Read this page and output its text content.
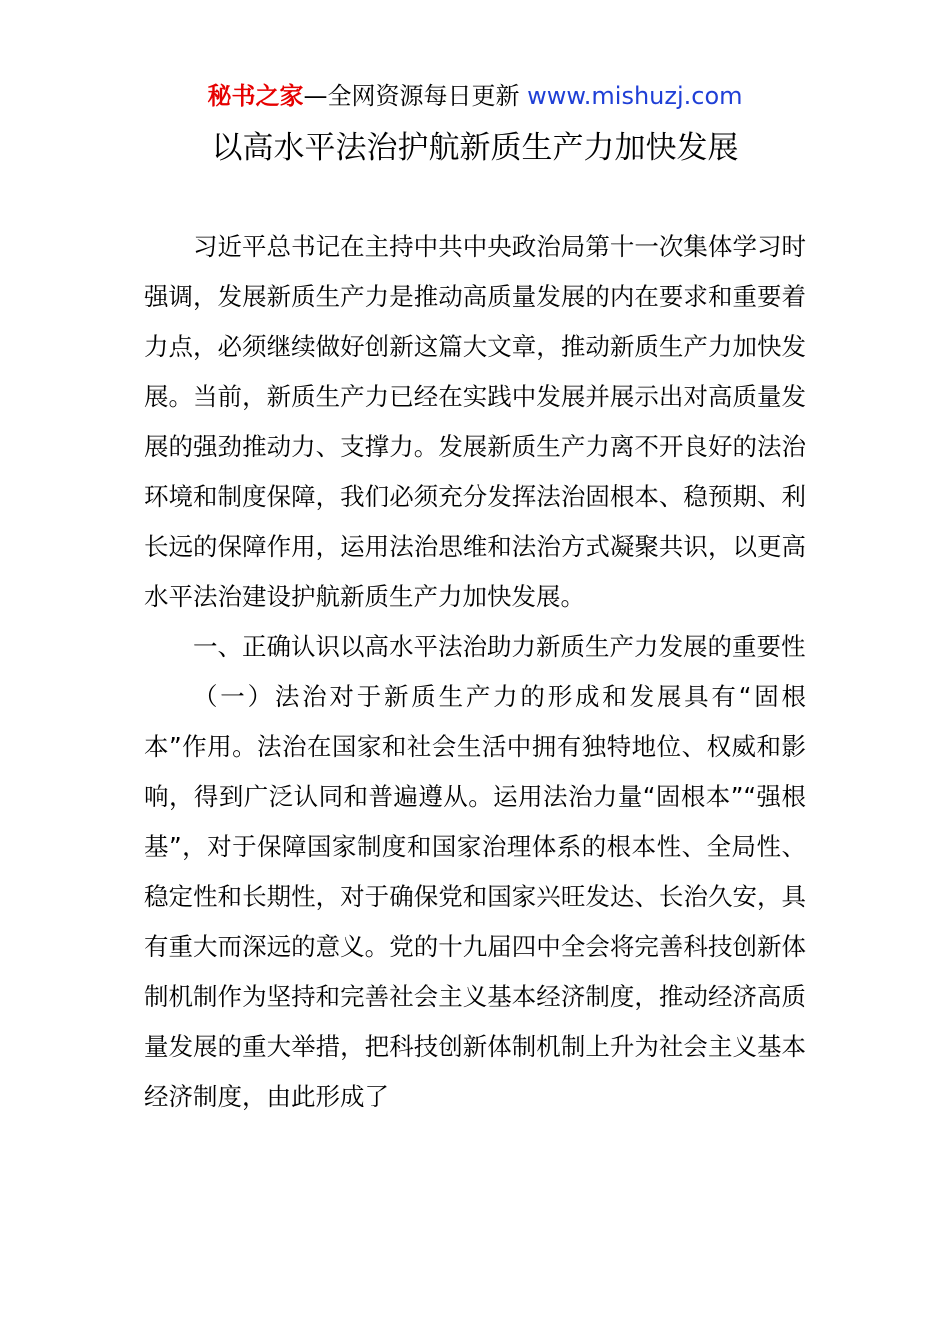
秘书之家—全网资源每日更新 www.mishuzj.com
以高水平法治护航新质生产力加快发展

习近平总书记在主持中共中央政治局第十一次集体学习时强调，发展新质生产力是推动高质量发展的内在要求和重要着力点，必须继续做好创新这篇大文章，推动新质生产力加快发展。当前，新质生产力已经在实践中发展并展示出对高质量发展的强劲推动力、支撑力。发展新质生产力离不开良好的法治环境和制度保障，我们必须充分发挥法治固根本、稳预期、利长远的保障作用，运用法治思维和法治方式凝聚共识，以更高水平法治建设护航新质生产力加快发展。

一、正确认识以高水平法治助力新质生产力发展的重要性

（一）法治对于新质生产力的形成和发展具有“固根本”作用。法治在国家和社会生活中拥有独特地位、权威和影响，得到广泛认同和普遍遵从。运用法治力量“固根本”“强根基”，对于保障国家制度和国家治理体系的根本性、全局性、稳定性和长期性，对于确保党和国家兴旺发达、长治久安，具有重大而深远的意义。党的十九届四中全会将完善科技创新体制机制作为坚持和完善社会主义基本经济制度，推动经济高质量发展的重大举措，把科技创新体制机制上升为社会主义基本经济制度，由此形成了
